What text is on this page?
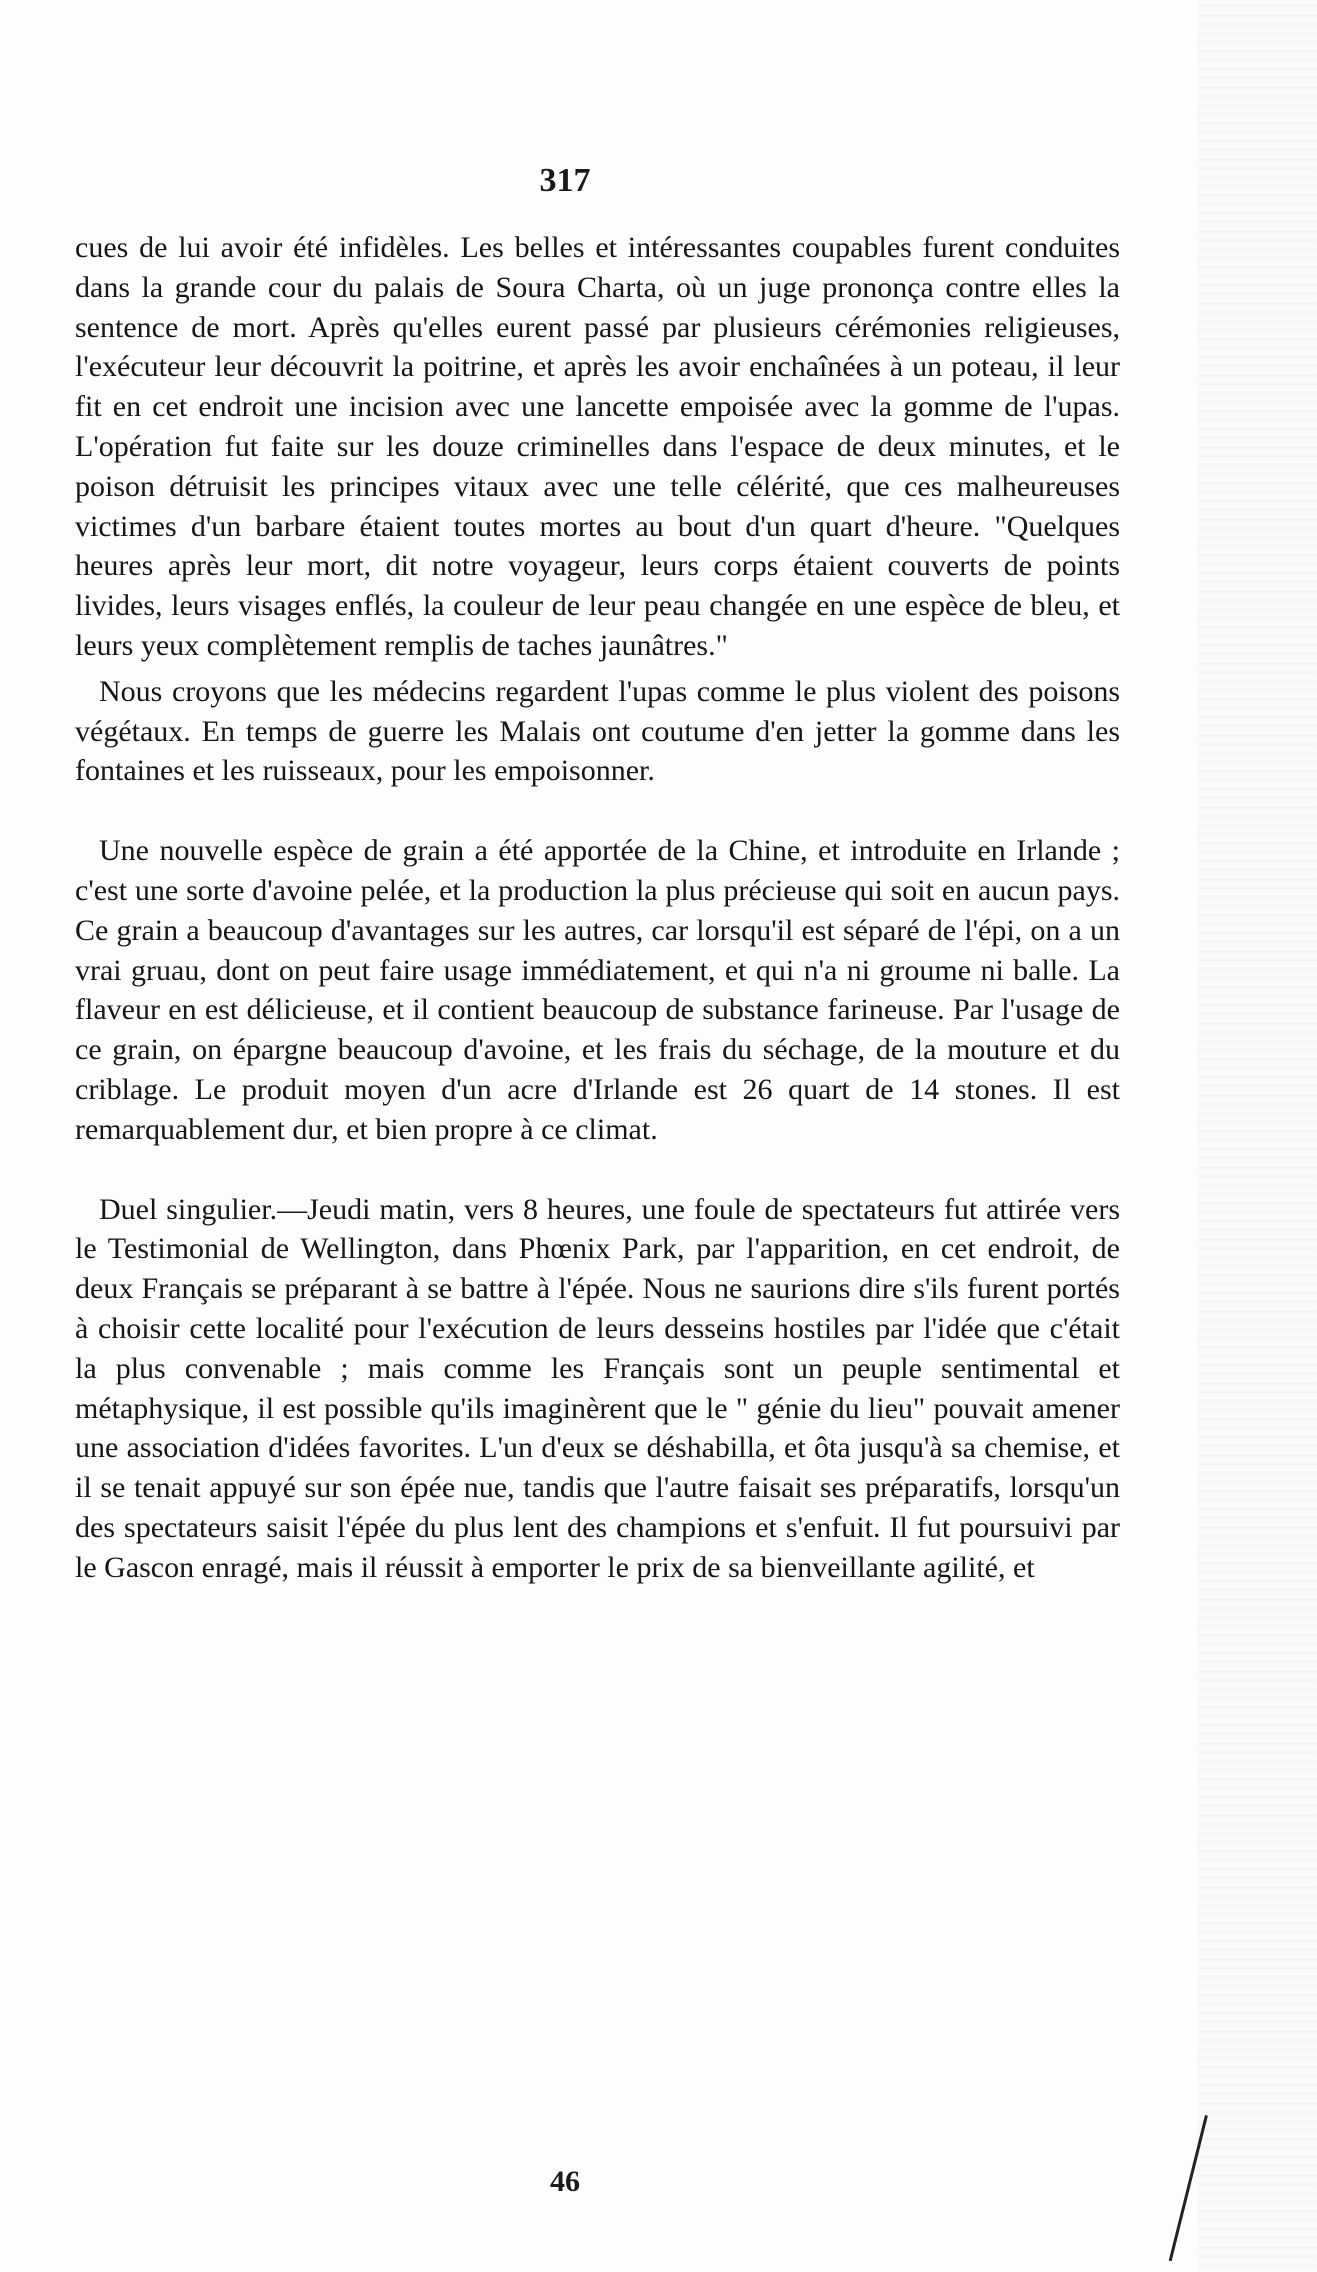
317

cues de lui avoir été infidèles. Les belles et intéressantes coupables furent conduites dans la grande cour du palais de Soura Charta, où un juge prononça contre elles la sentence de mort. Après qu'elles eurent passé par plusieurs cérémonies religieuses, l'exécuteur leur découvrit la poitrine, et après les avoir enchaînées à un poteau, il leur fit en cet endroit une incision avec une lancette empoisée avec la gomme de l'upas. L'opération fut faite sur les douze criminelles dans l'espace de deux minutes, et le poison détruisit les principes vitaux avec une telle célérité, que ces malheureuses victimes d'un barbare étaient toutes mortes au bout d'un quart d'heure. "Quelques heures après leur mort, dit notre voyageur, leurs corps étaient couverts de points livides, leurs visages enflés, la couleur de leur peau changée en une espèce de bleu, et leurs yeux complètement remplis de taches jaunâtres."

Nous croyons que les médecins regardent l'upas comme le plus violent des poisons végétaux. En temps de guerre les Malais ont coutume d'en jetter la gomme dans les fontaines et les ruisseaux, pour les empoisonner.

Une nouvelle espèce de grain a été apportée de la Chine, et introduite en Irlande ; c'est une sorte d'avoine pelée, et la production la plus précieuse qui soit en aucun pays. Ce grain a beaucoup d'avantages sur les autres, car lorsqu'il est séparé de l'épi, on a un vrai gruau, dont on peut faire usage immédiatement, et qui n'a ni groume ni balle. La flaveur en est délicieuse, et il contient beaucoup de substance farineuse. Par l'usage de ce grain, on épargne beaucoup d'avoine, et les frais du séchage, de la mouture et du criblage. Le produit moyen d'un acre d'Irlande est 26 quart de 14 stones. Il est remarquablement dur, et bien propre à ce climat.

Duel singulier.—Jeudi matin, vers 8 heures, une foule de spectateurs fut attirée vers le Testimonial de Wellington, dans Phœnix Park, par l'apparition, en cet endroit, de deux Français se préparant à se battre à l'épée. Nous ne saurions dire s'ils furent portés à choisir cette localité pour l'exécution de leurs desseins hostiles par l'idée que c'était la plus convenable ; mais comme les Français sont un peuple sentimental et métaphysique, il est possible qu'ils imaginèrent que le " génie du lieu" pouvait amener une association d'idées favorites. L'un d'eux se déshabilla, et ôta jusqu'à sa chemise, et il se tenait appuyé sur son épée nue, tandis que l'autre faisait ses préparatifs, lorsqu'un des spectateurs saisit l'épée du plus lent des champions et s'enfuit. Il fut poursuivi par le Gascon enragé, mais il réussit à emporter le prix de sa bienveillante agilité, et

46
